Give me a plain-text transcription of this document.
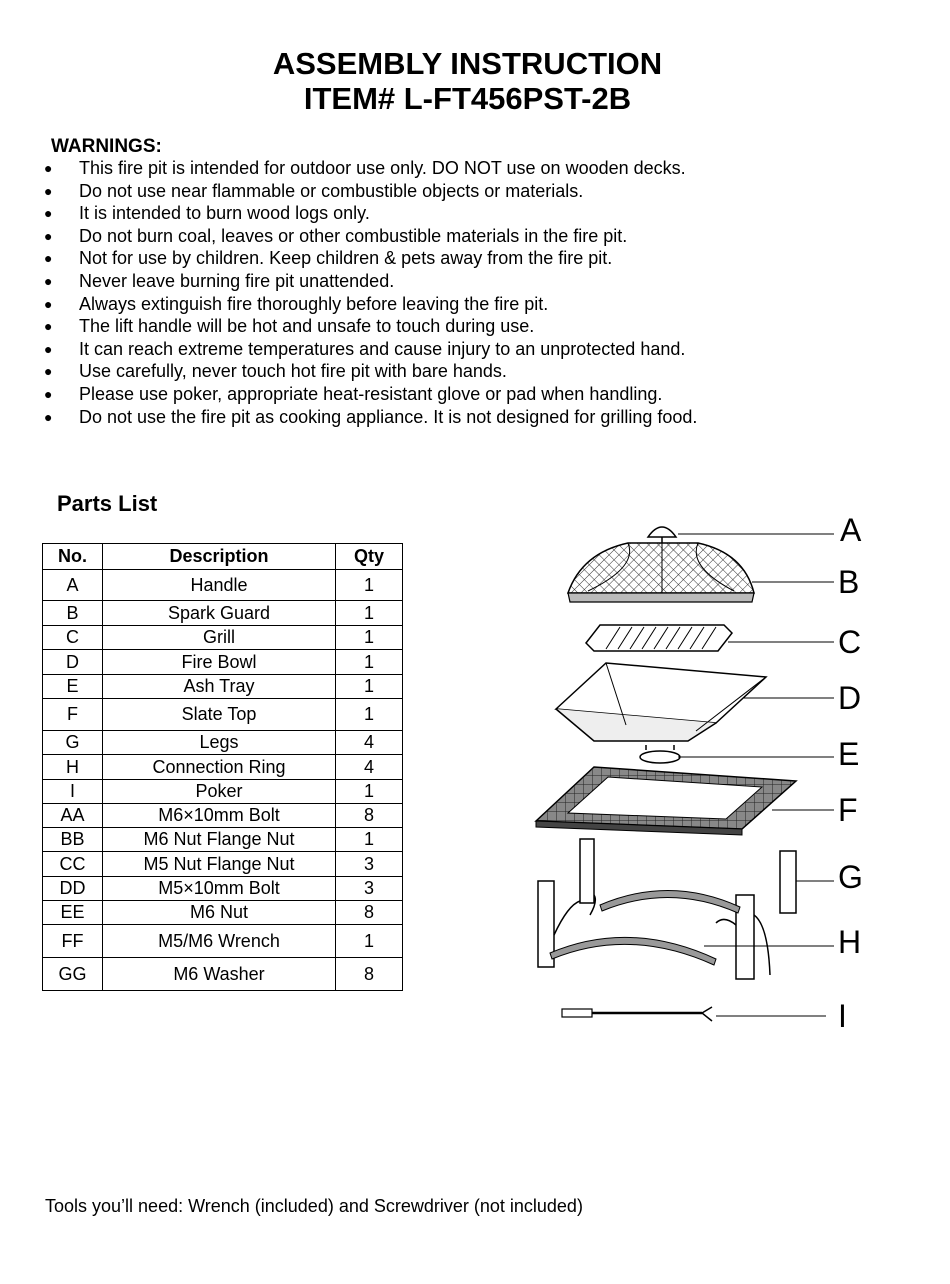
ASSEMBLY INSTRUCTION
ITEM# L-FT456PST-2B
WARNINGS:
● This fire pit is intended for outdoor use only. DO NOT use on wooden decks.
● Do not use near flammable or combustible objects or materials.
● It is intended to burn wood logs only.
● Do not burn coal, leaves or other combustible materials in the fire pit.
● Not for use by children. Keep children & pets away from the fire pit.
● Never leave burning fire pit unattended.
● Always extinguish fire thoroughly before leaving the fire pit.
● The lift handle will be hot and unsafe to touch during use.
● It can reach extreme temperatures and cause injury to an unprotected hand.
● Use carefully, never touch hot fire pit with bare hands.
● Please use poker, appropriate heat-resistant glove or pad when handling.
● Do not use the fire pit as cooking appliance. It is not designed for grilling food.
Parts List
No.	Description	Qty
A	Handle	1
B	Spark Guard	1
C	Grill	1
D	Fire Bowl	1
E	Ash Tray	1
F	Slate Top	1
G	Legs	4
H	Connection Ring	4
I	Poker	1
AA	M6×10mm Bolt	8
BB	M6 Nut Flange Nut	1
CC	M5 Nut Flange Nut	3
DD	M5×10mm Bolt	3
EE	M6 Nut	8
FF	M5/M6 Wrench	1
GG	M6 Washer	8
A
B
C
D
E
F
G
H
I
Tools you’ll need: Wrench (included) and Screwdriver (not included)
